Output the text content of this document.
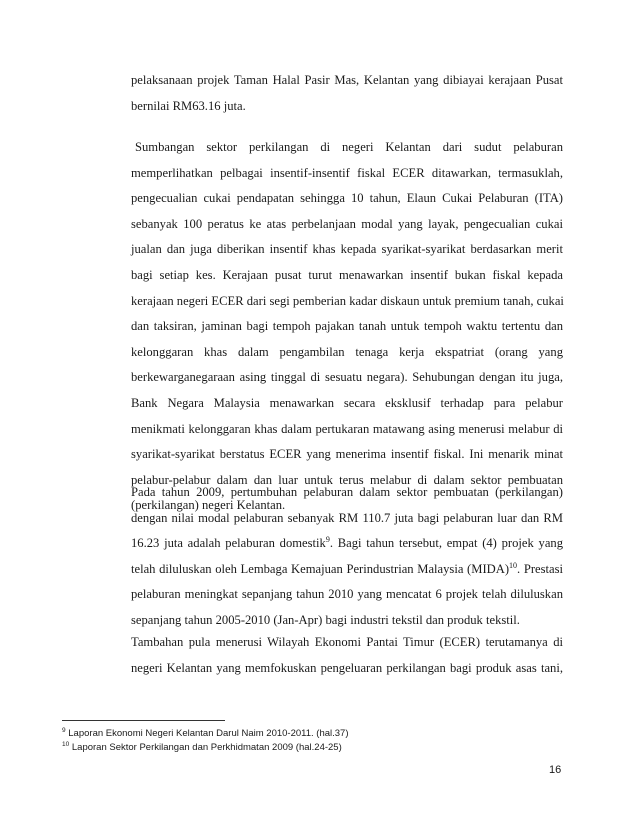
pelaksanaan projek Taman Halal Pasir Mas, Kelantan yang dibiayai kerajaan Pusat
bernilai RM63.16 juta.
Sumbangan sektor perkilangan di negeri Kelantan dari sudut pelaburan
memperlihatkan pelbagai insentif-insentif fiskal ECER ditawarkan, termasuklah,
pengecualian cukai pendapatan sehingga 10 tahun, Elaun Cukai Pelaburan (ITA)
sebanyak 100 peratus ke atas perbelanjaan modal yang layak, pengecualian cukai
jualan dan juga diberikan insentif khas kepada syarikat-syarikat berdasarkan merit
bagi setiap kes. Kerajaan pusat turut menawarkan insentif bukan fiskal kepada
kerajaan negeri ECER dari segi pemberian kadar diskaun untuk premium tanah, cukai
dan taksiran, jaminan bagi tempoh pajakan tanah untuk tempoh waktu tertentu dan
kelonggaran khas dalam pengambilan tenaga kerja ekspatriat (orang yang
berkewarganegaraan asing tinggal di sesuatu negara). Sehubungan dengan itu juga,
Bank Negara Malaysia menawarkan secara eksklusif terhadap para pelabur
menikmati kelonggaran khas dalam pertukaran matawang asing menerusi melabur di
syarikat-syarikat berstatus ECER yang menerima insentif fiskal. Ini menarik minat
pelabur-pelabur dalam dan luar untuk terus melabur di dalam sektor pembuatan
(perkilangan) negeri Kelantan.
Pada tahun 2009, pertumbuhan pelaburan dalam sektor pembuatan (perkilangan)
dengan nilai modal pelaburan sebanyak RM 110.7 juta bagi pelaburan luar dan RM
16.23 juta adalah pelaburan domestik$^9$. Bagi tahun tersebut, empat (4) projek yang
telah diluluskan oleh Lembaga Kemajuan Perindustrian Malaysia (MIDA)$^{10}$. Prestasi
pelaburan meningkat sepanjang tahun 2010 yang mencatat 6 projek telah diluluskan
sepanjang tahun 2005-2010 (Jan-Apr) bagi industri tekstil dan produk tekstil.
Tambahan pula menerusi Wilayah Ekonomi Pantai Timur (ECER) terutamanya di
negeri Kelantan yang memfokuskan pengeluaran perkilangan bagi produk asas tani,
$^9$ Laporan Ekonomi Negeri Kelantan Darul Naim 2010-2011. (hal.37)
$^{10}$ Laporan Sektor Perkilangan dan Perkhidmatan 2009 (hal.24-25)
16
